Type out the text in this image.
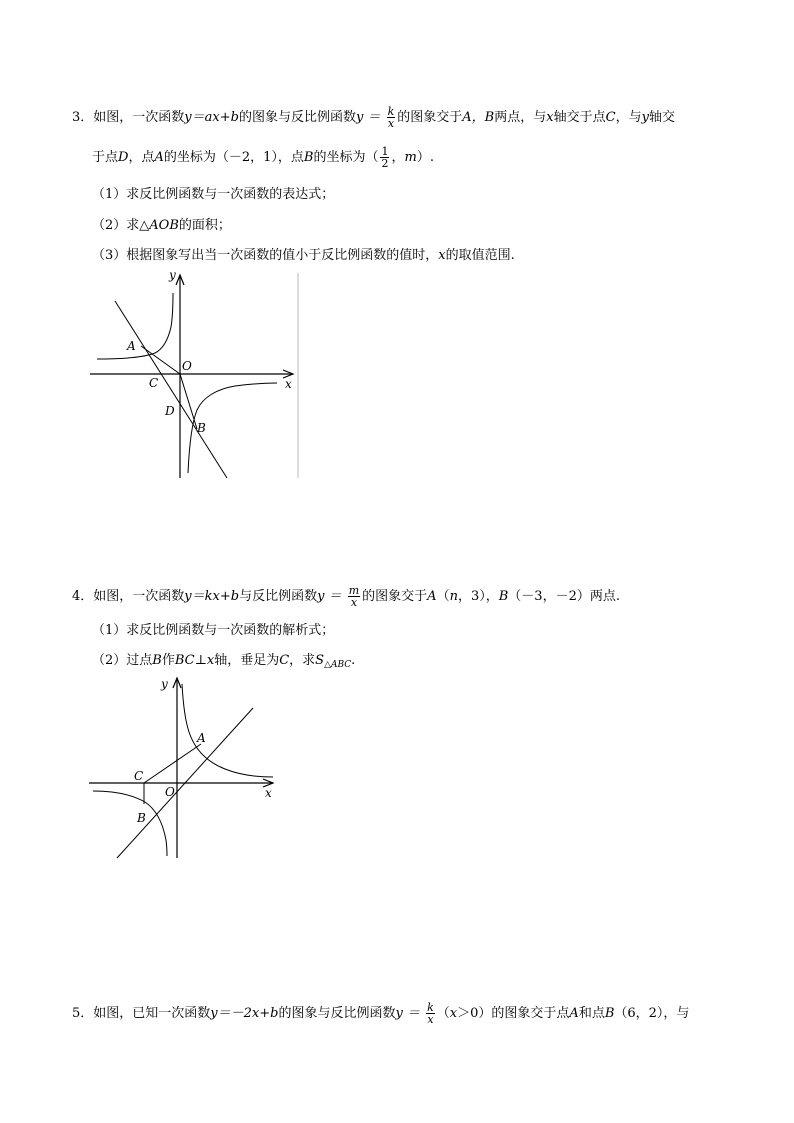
3．如图，一次函数y＝ax+b的图象与反比例函数$y = \frac{k}{x}$ 的图象交于A，B两点，与x轴交于点C，与y轴交
于点D，点A的坐标为（－2，1），点B的坐标为（ $\frac{1}{2}$ ，m）.
（1）求反比例函数与一次函数的表达式；
（2）求△AOB的面积；
（3）根据图象写出当一次函数的值小于反比例函数的值时，x的取值范围.
y
x
O
A
C
D
B
4．如图，一次函数y＝kx+b与反比例函数$y = \frac{m}{x}$ 的图象交于A（n，3），B（－3，－2）两点.
（1）求反比例函数与一次函数的解析式；
（2）过点B作BC⊥x轴，垂足为C，求$S_{\triangle ABC}$.
y
x
O
A
C
B
5．如图，已知一次函数y＝－2x+b的图象与反比例函数$y = \frac{k}{x} (x>0)$的图象交于点A和点B（6，2），与
